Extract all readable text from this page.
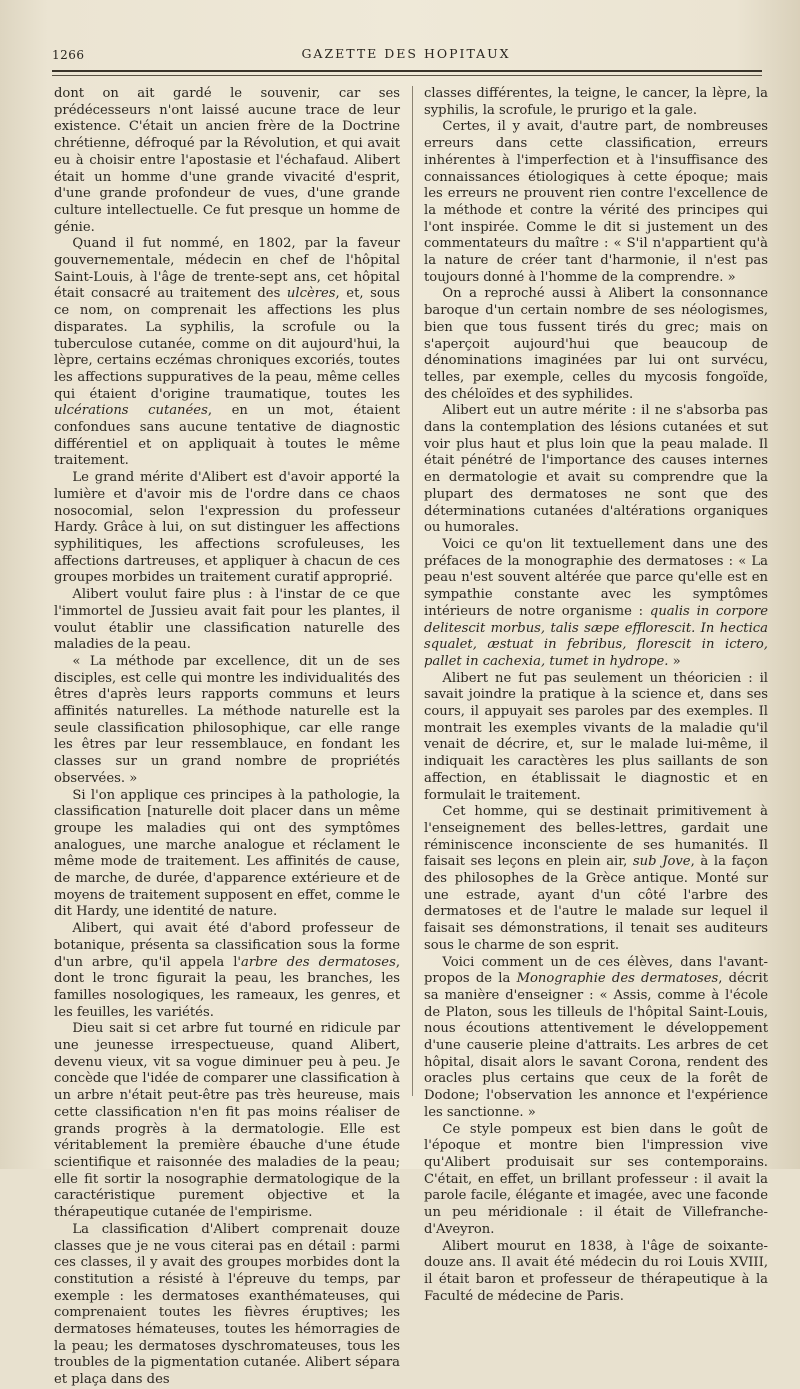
1266	GAZETTE DES HOPITAUX

dont on ait gardé le souvenir, car ses prédécesseurs n'ont laissé aucune trace de leur existence. C'était un ancien frère de la Doctrine chrétienne, défroqué par la Révolution, et qui avait eu à choisir entre l'apostasie et l'échafaud. Alibert était un homme d'une grande vivacité d'esprit, d'une grande profondeur de vues, d'une grande culture intellectuelle. Ce fut presque un homme de génie.

Quand il fut nommé, en 1802, par la faveur gouvernementale, médecin en chef de l'hôpital Saint-Louis, à l'âge de trente-sept ans, cet hôpital était consacré au traitement des ulcères, et, sous ce nom, on comprenait les affections les plus disparates. La syphilis, la scrofule ou la tuberculose cutanée, comme on dit aujourd'hui, la lèpre, certains eczémas chroniques excoriés, toutes les affections suppuratives de la peau, même celles qui étaient d'origine traumatique, toutes les ulcérations cutanées, en un mot, étaient confondues sans aucune tentative de diagnostic différentiel et on appliquait à toutes le même traitement.

Le grand mérite d'Alibert est d'avoir apporté la lumière et d'avoir mis de l'ordre dans ce chaos nosocomial, selon l'expression du professeur Hardy. Grâce à lui, on sut distinguer les affections syphilitiques, les affections scrofuleuses, les affections dartreuses, et appliquer à chacun de ces groupes morbides un traitement curatif approprié.

Alibert voulut faire plus : à l'instar de ce que l'immortel de Jussieu avait fait pour les plantes, il voulut établir une classification naturelle des maladies de la peau.

« La méthode par excellence, dit un de ses disciples, est celle qui montre les individualités des êtres d'après leurs rapports communs et leurs affinités naturelles. La méthode naturelle est la seule classification philosophique, car elle range les êtres par leur ressemblauce, en fondant les classes sur un grand nombre de propriétés observées. »

Si l'on applique ces principes à la pathologie, la classification [naturelle doit placer dans un même groupe les maladies qui ont des symptômes analogues, une marche analogue et réclament le même mode de traitement. Les affinités de cause, de marche, de durée, d'apparence extérieure et de moyens de traitement supposent en effet, comme le dit Hardy, une identité de nature.

Alibert, qui avait été d'abord professeur de botanique, présenta sa classification sous la forme d'un arbre, qu'il appela l'arbre des dermatoses, dont le tronc figurait la peau, les branches, les familles nosologiques, les rameaux, les genres, et les feuilles, les variétés.

Dieu sait si cet arbre fut tourné en ridicule par une jeunesse irrespectueuse, quand Alibert, devenu vieux, vit sa vogue diminuer peu à peu. Je concède que l'idée de comparer une classification à un arbre n'était peut-être pas très heureuse, mais cette classification n'en fit pas moins réaliser de grands progrès à la dermatologie. Elle est véritablement la première ébauche d'une étude scientifique et raisonnée des maladies de la peau; elle fit sortir la nosographie dermatologique de la caractéristique purement objective et la thérapeutique cutanée de l'empirisme.

La classification d'Alibert comprenait douze classes que je ne vous citerai pas en détail : parmi ces classes, il y avait des groupes morbides dont la constitution a résisté à l'épreuve du temps, par exemple : les dermatoses exanthémateuses, qui comprenaient toutes les fièvres éruptives; les dermatoses hémateuses, toutes les hémorragies de la peau; les dermatoses dyschromateuses, tous les troubles de la pigmentation cutanée. Alibert sépara et plaça dans des

classes différentes, la teigne, le cancer, la lèpre, la syphilis, la scrofule, le prurigo et la gale.

Certes, il y avait, d'autre part, de nombreuses erreurs dans cette classification, erreurs inhérentes à l'imperfection et à l'insuffisance des connaissances étiologiques à cette époque; mais les erreurs ne prouvent rien contre l'excellence de la méthode et contre la vérité des principes qui l'ont inspirée. Comme le dit si justement un des commentateurs du maître : « S'il n'appartient qu'à la nature de créer tant d'harmonie, il n'est pas toujours donné à l'homme de la comprendre. »

On a reproché aussi à Alibert la consonnance baroque d'un certain nombre de ses néologismes, bien que tous fussent tirés du grec; mais on s'aperçoit aujourd'hui que beaucoup de dénominations imaginées par lui ont survécu, telles, par exemple, celles du mycosis fongoïde, des chéloïdes et des syphilides.

Alibert eut un autre mérite : il ne s'absorba pas dans la contemplation des lésions cutanées et sut voir plus haut et plus loin que la peau malade. Il était pénétré de l'importance des causes internes en dermatologie et avait su comprendre que la plupart des dermatoses ne sont que des déterminations cutanées d'altérations organiques ou humorales.

Voici ce qu'on lit textuellement dans une des préfaces de la monographie des dermatoses : « La peau n'est souvent altérée que parce qu'elle est en sympathie constante avec les symptômes intérieurs de notre organisme : qualis in corpore delitescit morbus, talis sæpe efflorescit. In hectica squalet, æstuat in febribus, florescit in ictero, pallet in cachexia, tumet in hydrope. »

Alibert ne fut pas seulement un théoricien : il savait joindre la pratique à la science et, dans ses cours, il appuyait ses paroles par des exemples. Il montrait les exemples vivants de la maladie qu'il venait de décrire, et, sur le malade lui-même, il indiquait les caractères les plus saillants de son affection, en établissait le diagnostic et en formulait le traitement.

Cet homme, qui se destinait primitivement à l'enseignement des belles-lettres, gardait une réminiscence inconsciente de ses humanités. Il faisait ses leçons en plein air, sub Jove, à la façon des philosophes de la Grèce antique. Monté sur une estrade, ayant d'un côté l'arbre des dermatoses et de l'autre le malade sur lequel il faisait ses démonstrations, il tenait ses auditeurs sous le charme de son esprit.

Voici comment un de ces élèves, dans l'avant-propos de la Monographie des dermatoses, décrit sa manière d'enseigner : « Assis, comme à l'école de Platon, sous les tilleuls de l'hôpital Saint-Louis, nous écoutions attentivement le développement d'une causerie pleine d'attraits. Les arbres de cet hôpital, disait alors le savant Corona, rendent des oracles plus certains que ceux de la forêt de Dodone; l'observation les annonce et l'expérience les sanctionne. »

Ce style pompeux est bien dans le goût de l'époque et montre bien l'impression vive qu'Alibert produisait sur ses contemporains. C'était, en effet, un brillant professeur : il avait la parole facile, élégante et imagée, avec une faconde un peu méridionale : il était de Villefranche-d'Aveyron.

Alibert mourut en 1838, à l'âge de soixante-douze ans. Il avait été médecin du roi Louis XVIII, il était baron et professeur de thérapeutique à la Faculté de médecine de Paris.
